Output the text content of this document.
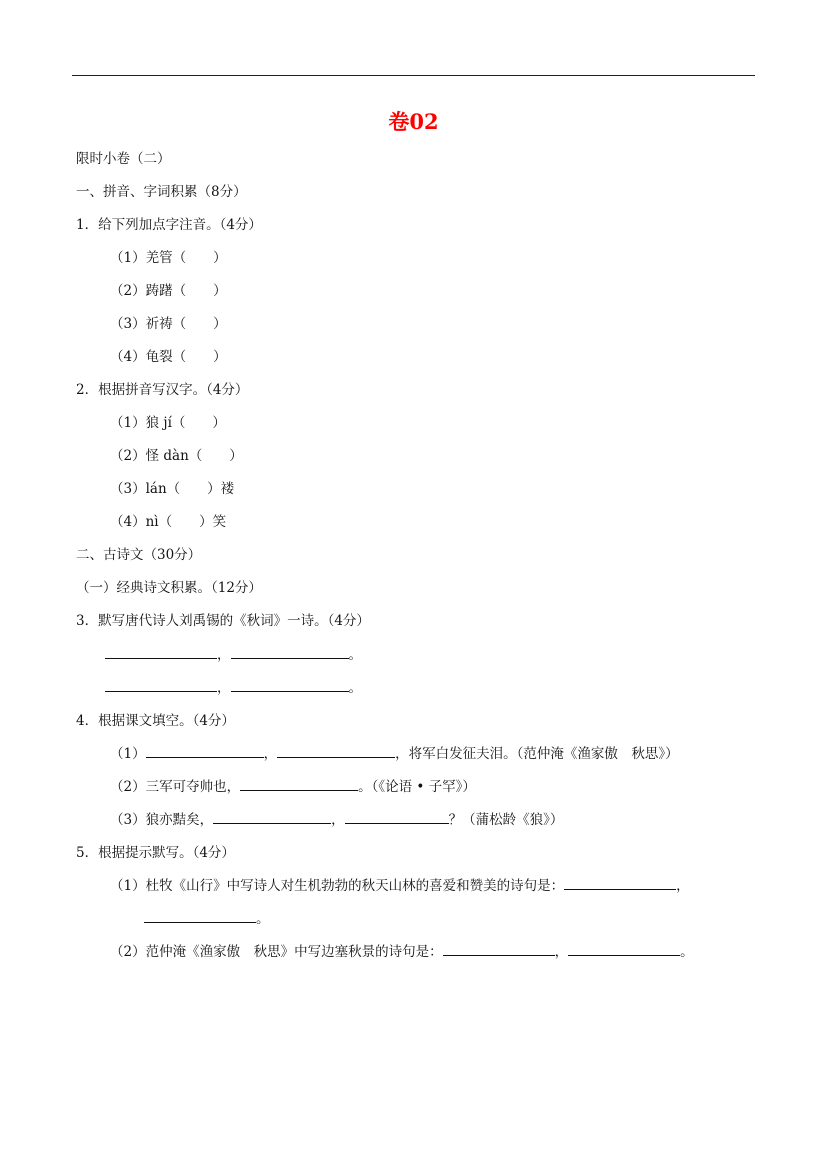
卷02
限时小卷（二）
一、拼音、字词积累（8分）
1．给下列加点字注音。（4分）
（1）羌管（　　）
（2）踌躇（　　）
（3）祈祷（　　）
（4）龟裂（　　）
2．根据拼音写汉字。（4分）
（1）狼 jí（　　）
（2）怪 dàn（　　）
（3）lán（　　）褛
（4）nì（　　）笑
二、古诗文（30分）
（一）经典诗文积累。（12分）
3．默写唐代诗人刘禹锡的《秋词》一诗。（4分）
，	。
，	。
4．根据课文填空。（4分）
（1）	，	，将军白发征夫泪。（范仲淹《渔家傲　秋思》）
（2）三军可夺帅也，	。（《论语 • 子罕》）
（3）狼亦黠矣，	，	？（蒲松龄《狼》）
5．根据提示默写。（4分）
（1）杜牧《山行》中写诗人对生机勃勃的秋天山林的喜爱和赞美的诗句是：	，
。
（2）范仲淹《渔家傲　秋思》中写边塞秋景的诗句是：	，	。
